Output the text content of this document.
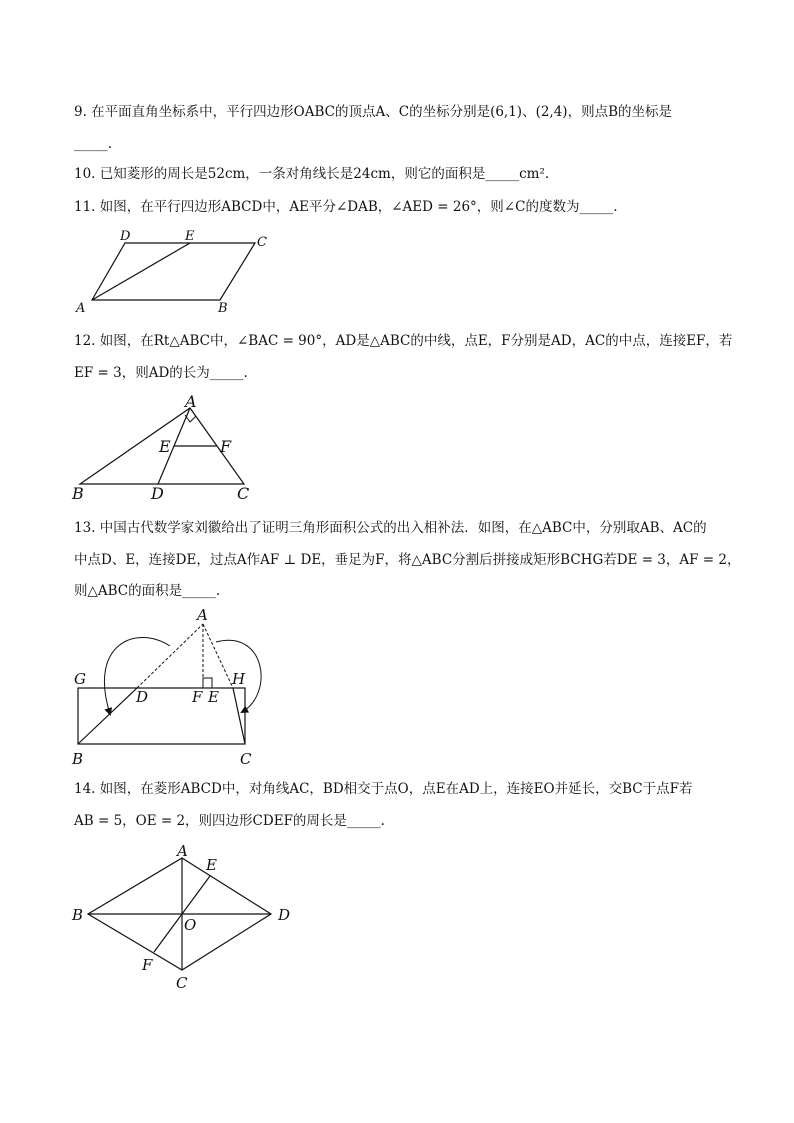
9. 在平面直角坐标系中，平行四边形OABC的顶点A、C的坐标分别是(6,1)、(2,4)，则点B的坐标是
_____.
10. 已知菱形的周长是52cm，一条对角线长是24cm，则它的面积是_____cm².
11. 如图，在平行四边形ABCD中，AE平分∠DAB，∠AED = 26°，则∠C的度数为_____.
A	B
C
D	E
12. 如图，在Rt△ABC中，∠BAC = 90°，AD是△ABC的中线，点E，F分别是AD，AC的中点，连接EF，若
EF = 3，则AD的长为_____.
A
B	C
D
E	F
13. 中国古代数学家刘徽给出了证明三角形面积公式的出入相补法．如图，在△ABC中，分别取AB、AC的
中点D、E，连接DE，过点A作AF ⊥ DE，垂足为F，将△ABC分割后拼接成矩形BCHG若DE = 3，AF = 2，
则△ABC的面积是_____.
A
G	H
D	F E
B	C
14. 如图，在菱形ABCD中，对角线AC，BD相交于点O，点E在AD上，连接EO并延长，交BC于点F若
AB = 5，OE = 2，则四边形CDEF的周长是_____.
A
E
B	D
O
F
C
